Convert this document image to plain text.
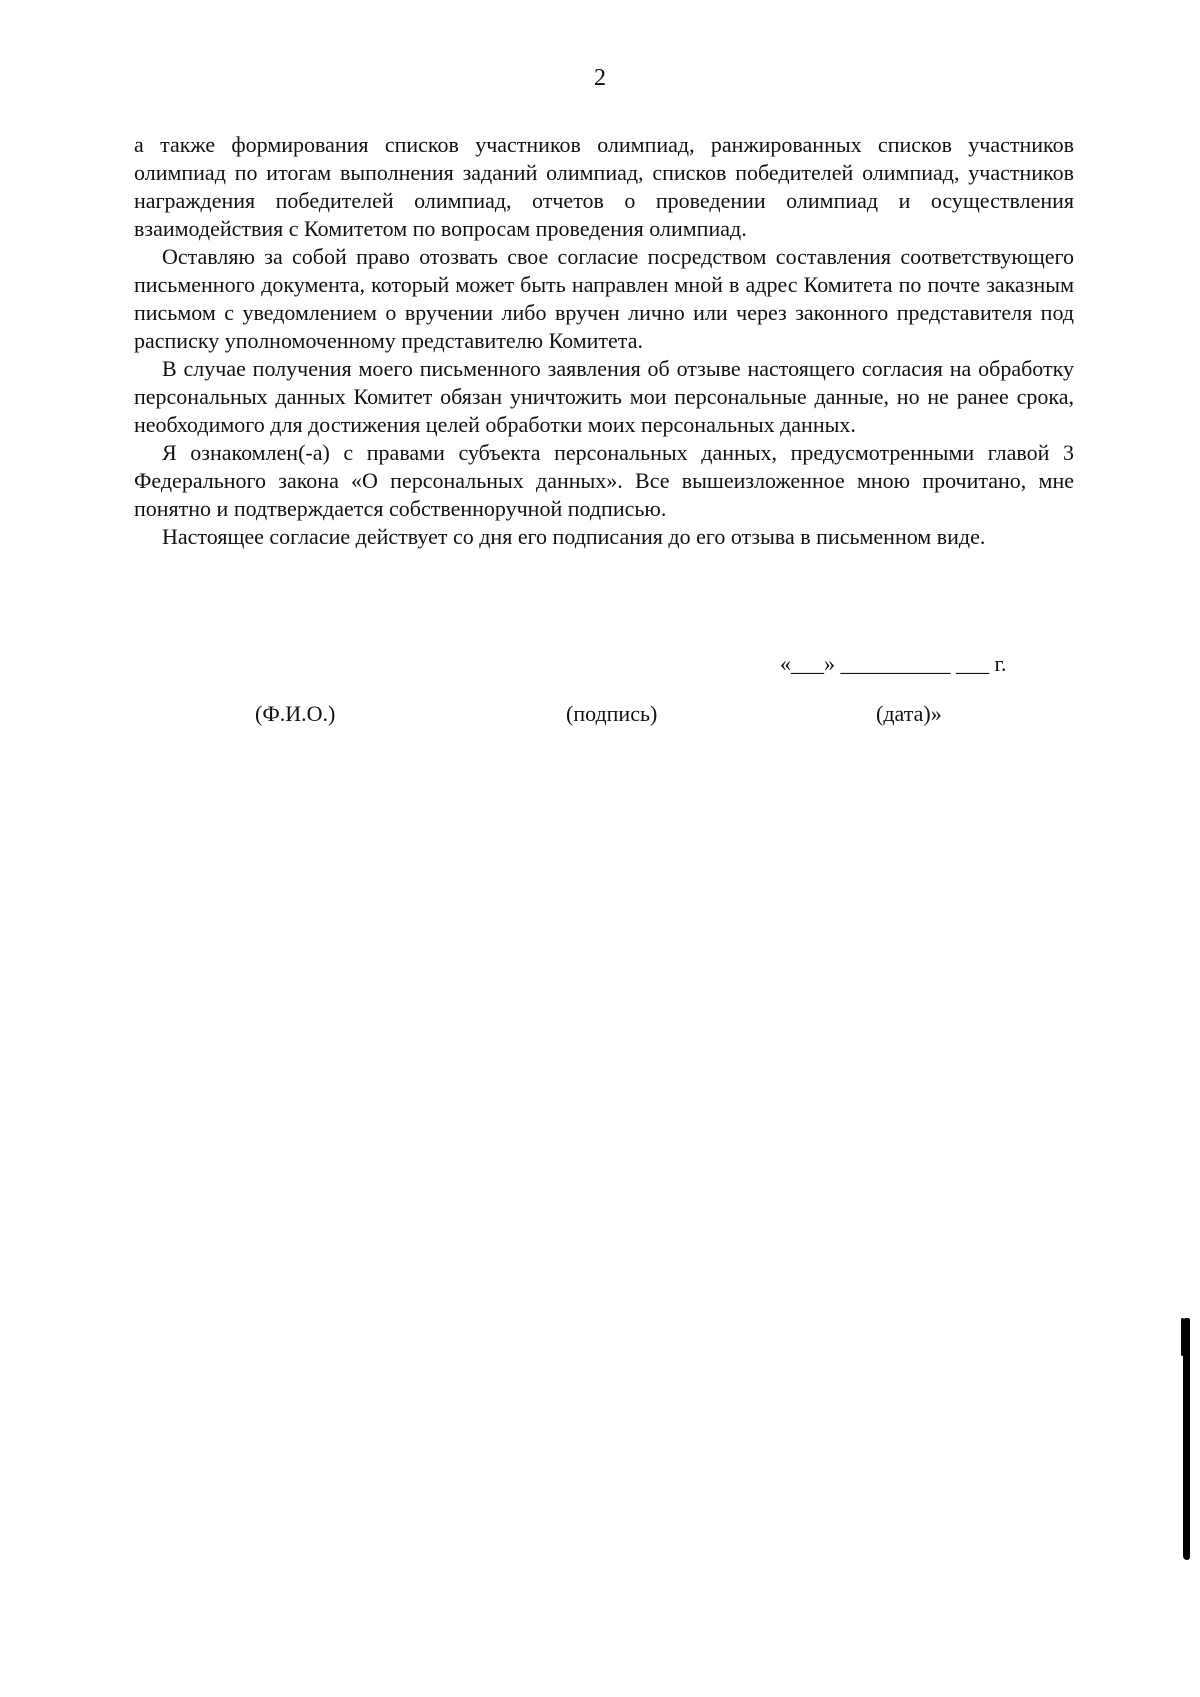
2

а также формирования списков участников олимпиад, ранжированных списков участников олимпиад по итогам выполнения заданий олимпиад, списков победителей олимпиад, участников награждения победителей олимпиад, отчетов о проведении олимпиад и осуществления взаимодействия с Комитетом по вопросам проведения олимпиад.

Оставляю за собой право отозвать свое согласие посредством составления соответствующего письменного документа, который может быть направлен мной в адрес Комитета по почте заказным письмом с уведомлением о вручении либо вручен лично или через законного представителя под расписку уполномоченному представителю Комитета.

В случае получения моего письменного заявления об отзыве настоящего согласия на обработку персональных данных Комитет обязан уничтожить мои персональные данные, но не ранее срока, необходимого для достижения целей обработки моих персональных данных.

Я ознакомлен(-а) с правами субъекта персональных данных, предусмотренными главой 3 Федерального закона «О персональных данных». Все вышеизложенное мною прочитано, мне понятно и подтверждается собственноручной подписью.

Настоящее согласие действует со дня его подписания до его отзыва в письменном виде.

«___» __________ ___ г.
(Ф.И.О.)	(подпись)	(дата)»
